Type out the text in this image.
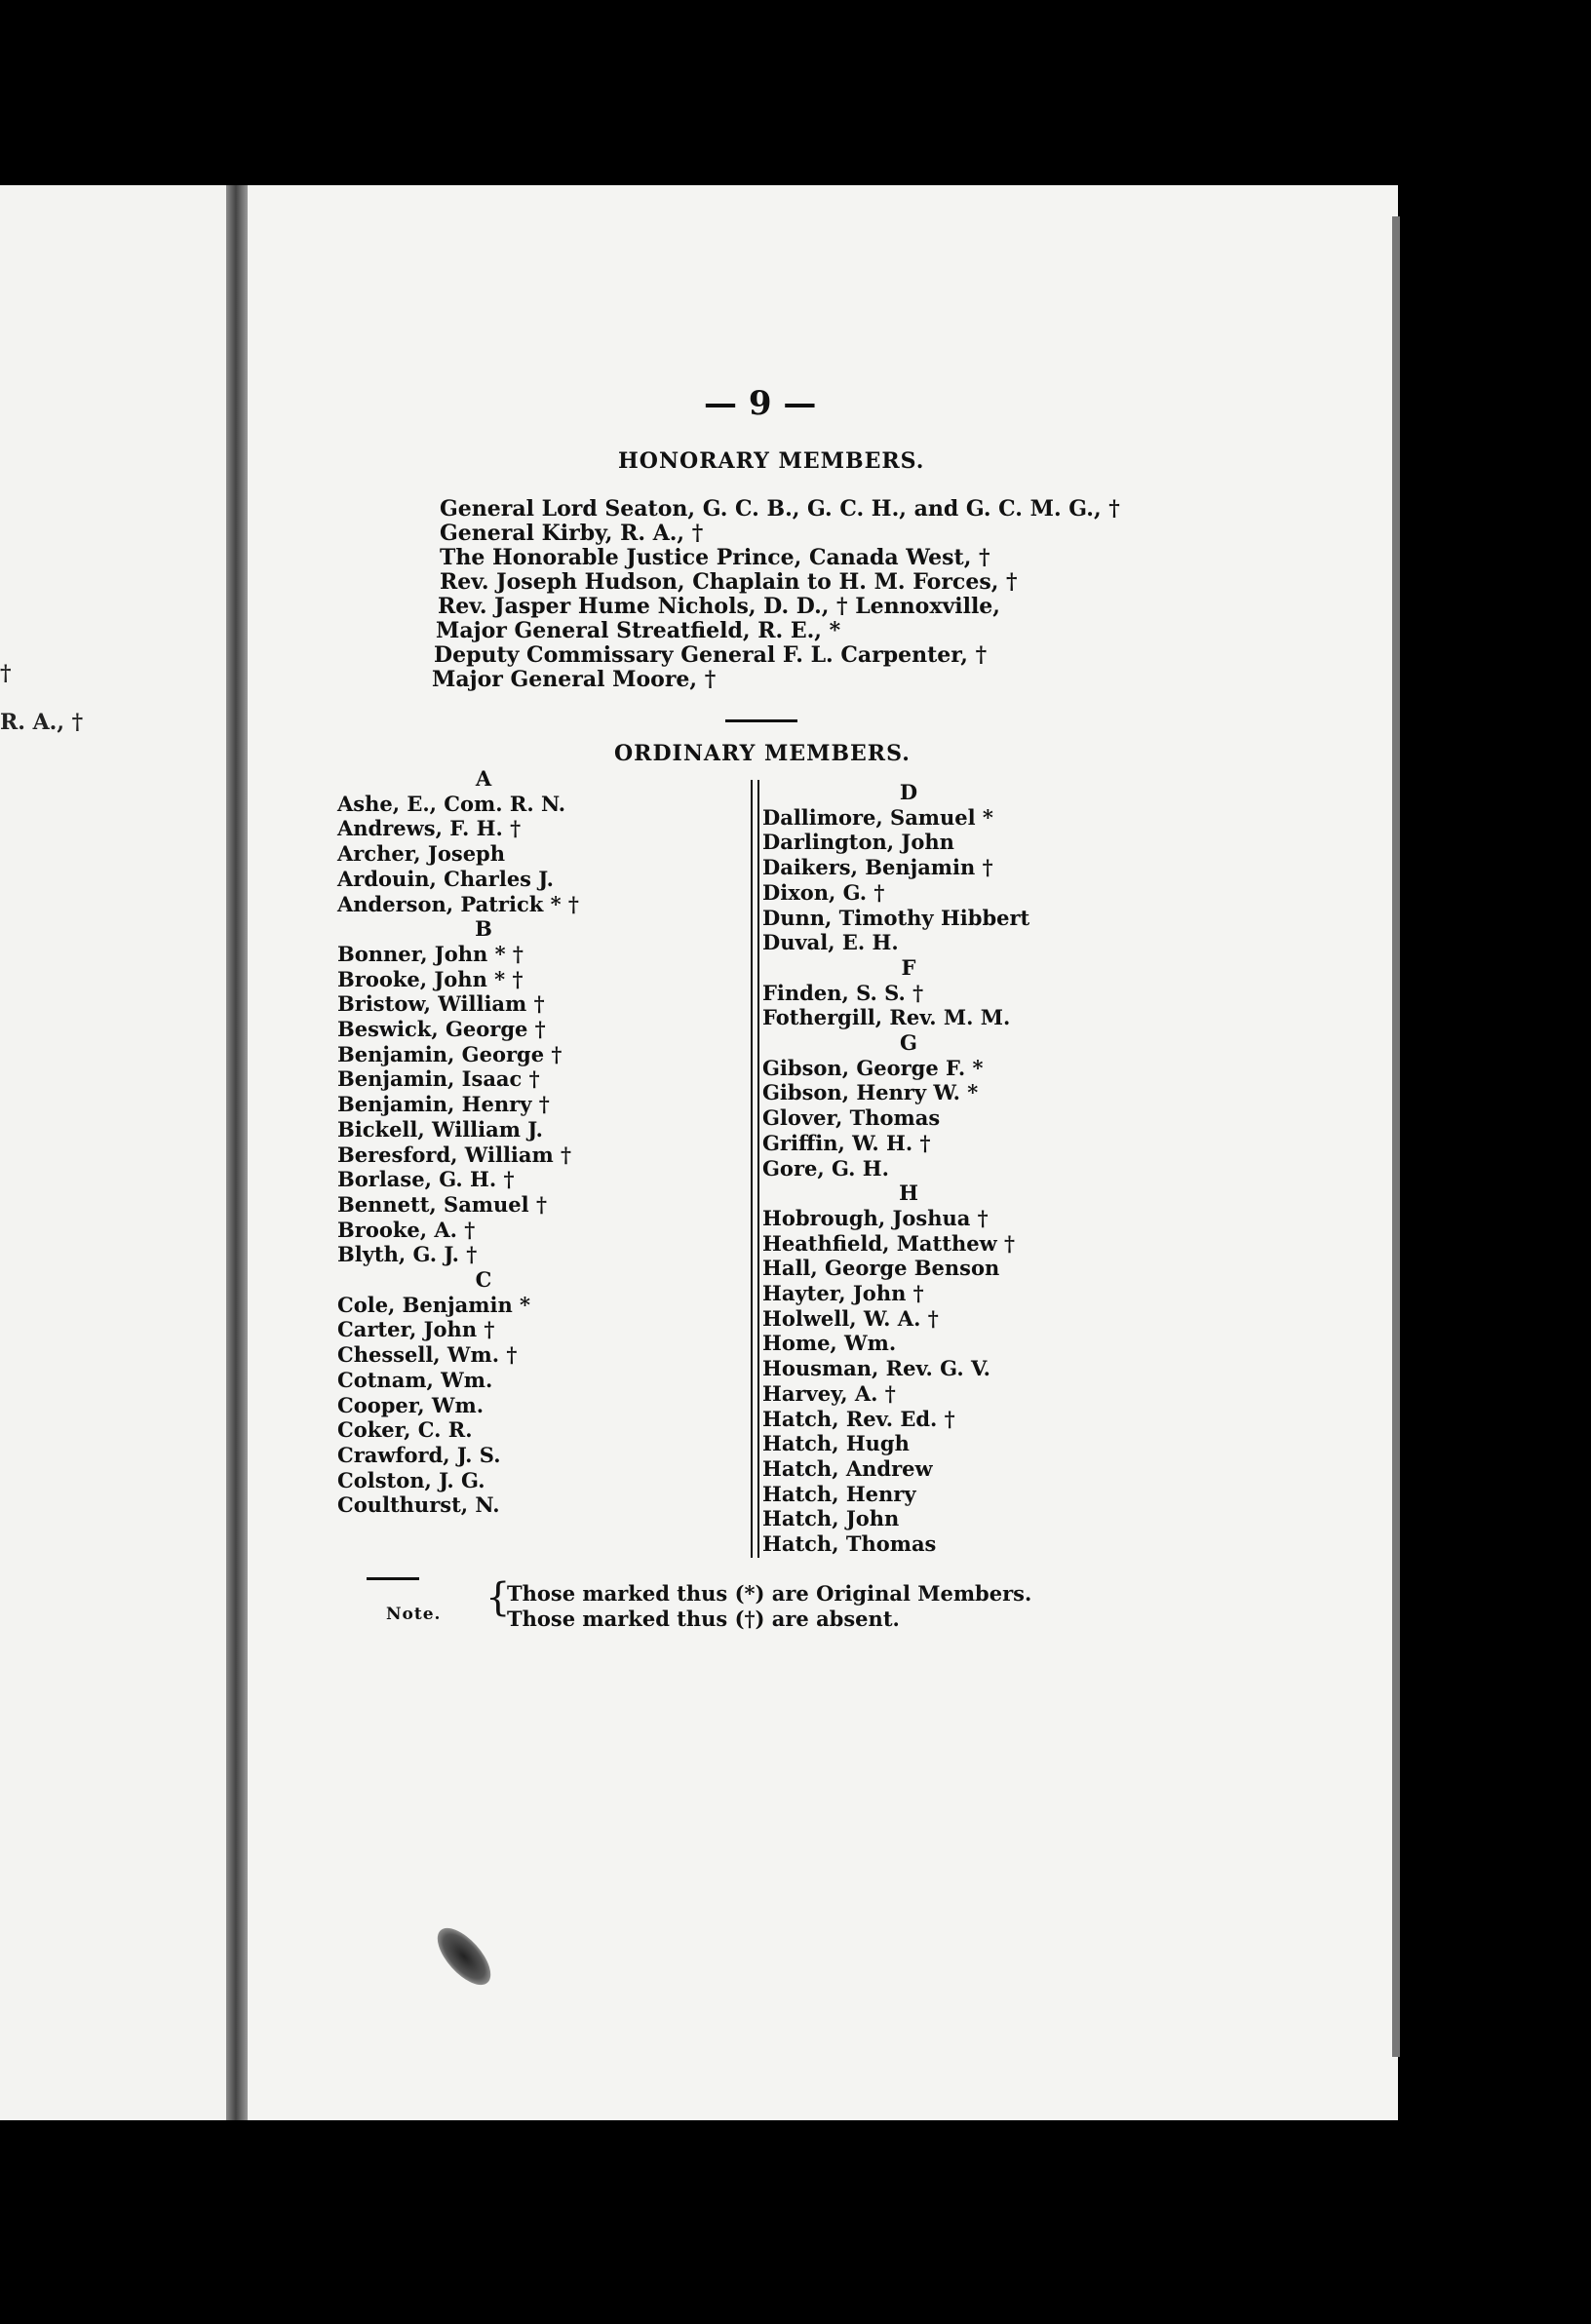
†
R. A., †
— 9 —
HONORARY MEMBERS.
General Lord Seaton, G. C. B., G. C. H., and G. C. M. G., †
General Kirby, R. A., †
The Honorable Justice Prince, Canada West, †
Rev. Joseph Hudson, Chaplain to H. M. Forces, †
Rev. Jasper Hume Nichols, D. D., † Lennoxville,
Major General Streatfield, R. E., *
Deputy Commissary General F. L. Carpenter, †
Major General Moore, †
ORDINARY MEMBERS.
A
Ashe, E., Com. R. N.
Andrews, F. H. †
Archer, Joseph
Ardouin, Charles J.
Anderson, Patrick * †
B
Bonner, John * †
Brooke, John * †
Bristow, William †
Beswick, George †
Benjamin, George †
Benjamin, Isaac †
Benjamin, Henry †
Bickell, William J.
Beresford, William †
Borlase, G. H. †
Bennett, Samuel †
Brooke, A. †
Blyth, G. J. †
C
Cole, Benjamin *
Carter, John †
Chessell, Wm. †
Cotnam, Wm.
Cooper, Wm.
Coker, C. R.
Crawford, J. S.
Colston, J. G.
Coulthurst, N.
D
Dallimore, Samuel *
Darlington, John
Daikers, Benjamin †
Dixon, G. †
Dunn, Timothy Hibbert
Duval, E. H.
F
Finden, S. S. †
Fothergill, Rev. M. M.
G
Gibson, George F. *
Gibson, Henry W. *
Glover, Thomas
Griffin, W. H. †
Gore, G. H.
H
Hobrough, Joshua †
Heathfield, Matthew †
Hall, George Benson
Hayter, John †
Holwell, W. A. †
Home, Wm.
Housman, Rev. G. V.
Harvey, A. †
Hatch, Rev. Ed. †
Hatch, Hugh
Hatch, Andrew
Hatch, Henry
Hatch, John
Hatch, Thomas
Note. {
Those marked thus (*) are Original Members.
Those marked thus (†) are absent.
